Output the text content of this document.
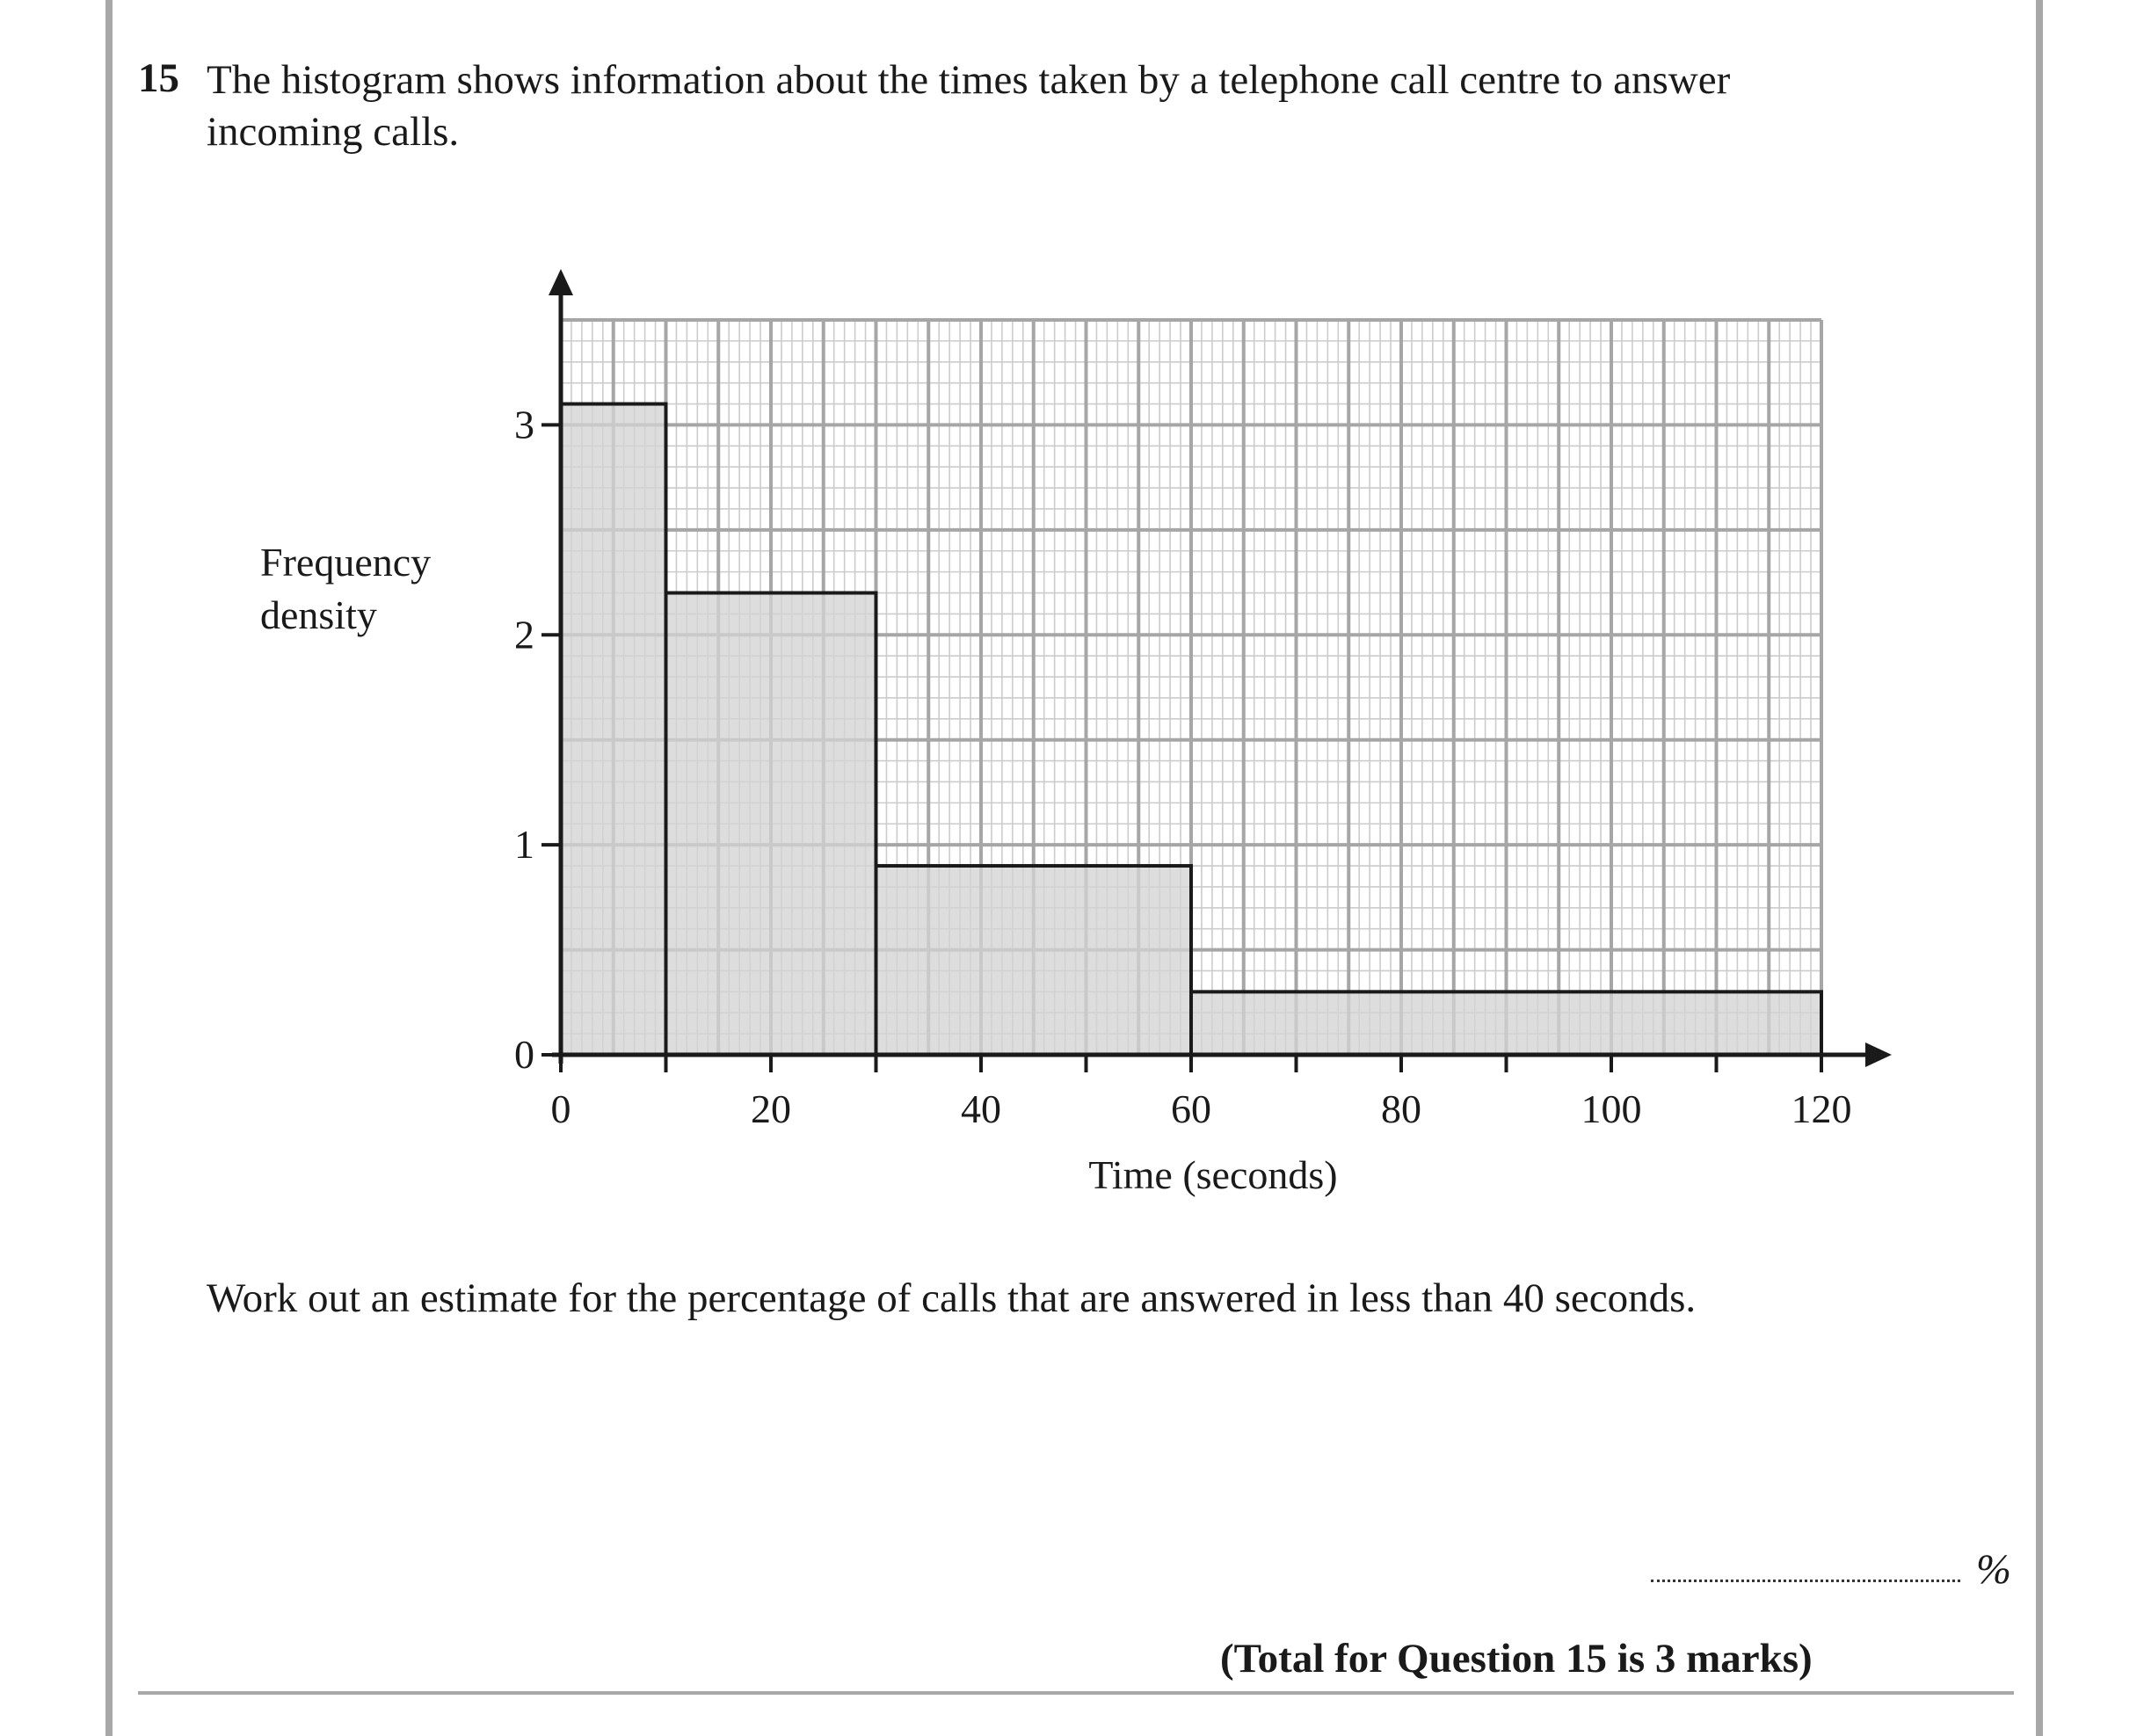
15 The histogram shows information about the times taken by a telephone call centre to answer incoming calls.
0	20	40	60	80	100	120
0
1
2
3
Time (seconds)
Frequency density
Work out an estimate for the percentage of calls that are answered in less than 40 seconds.
%
(Total for Question 15 is 3 marks)
